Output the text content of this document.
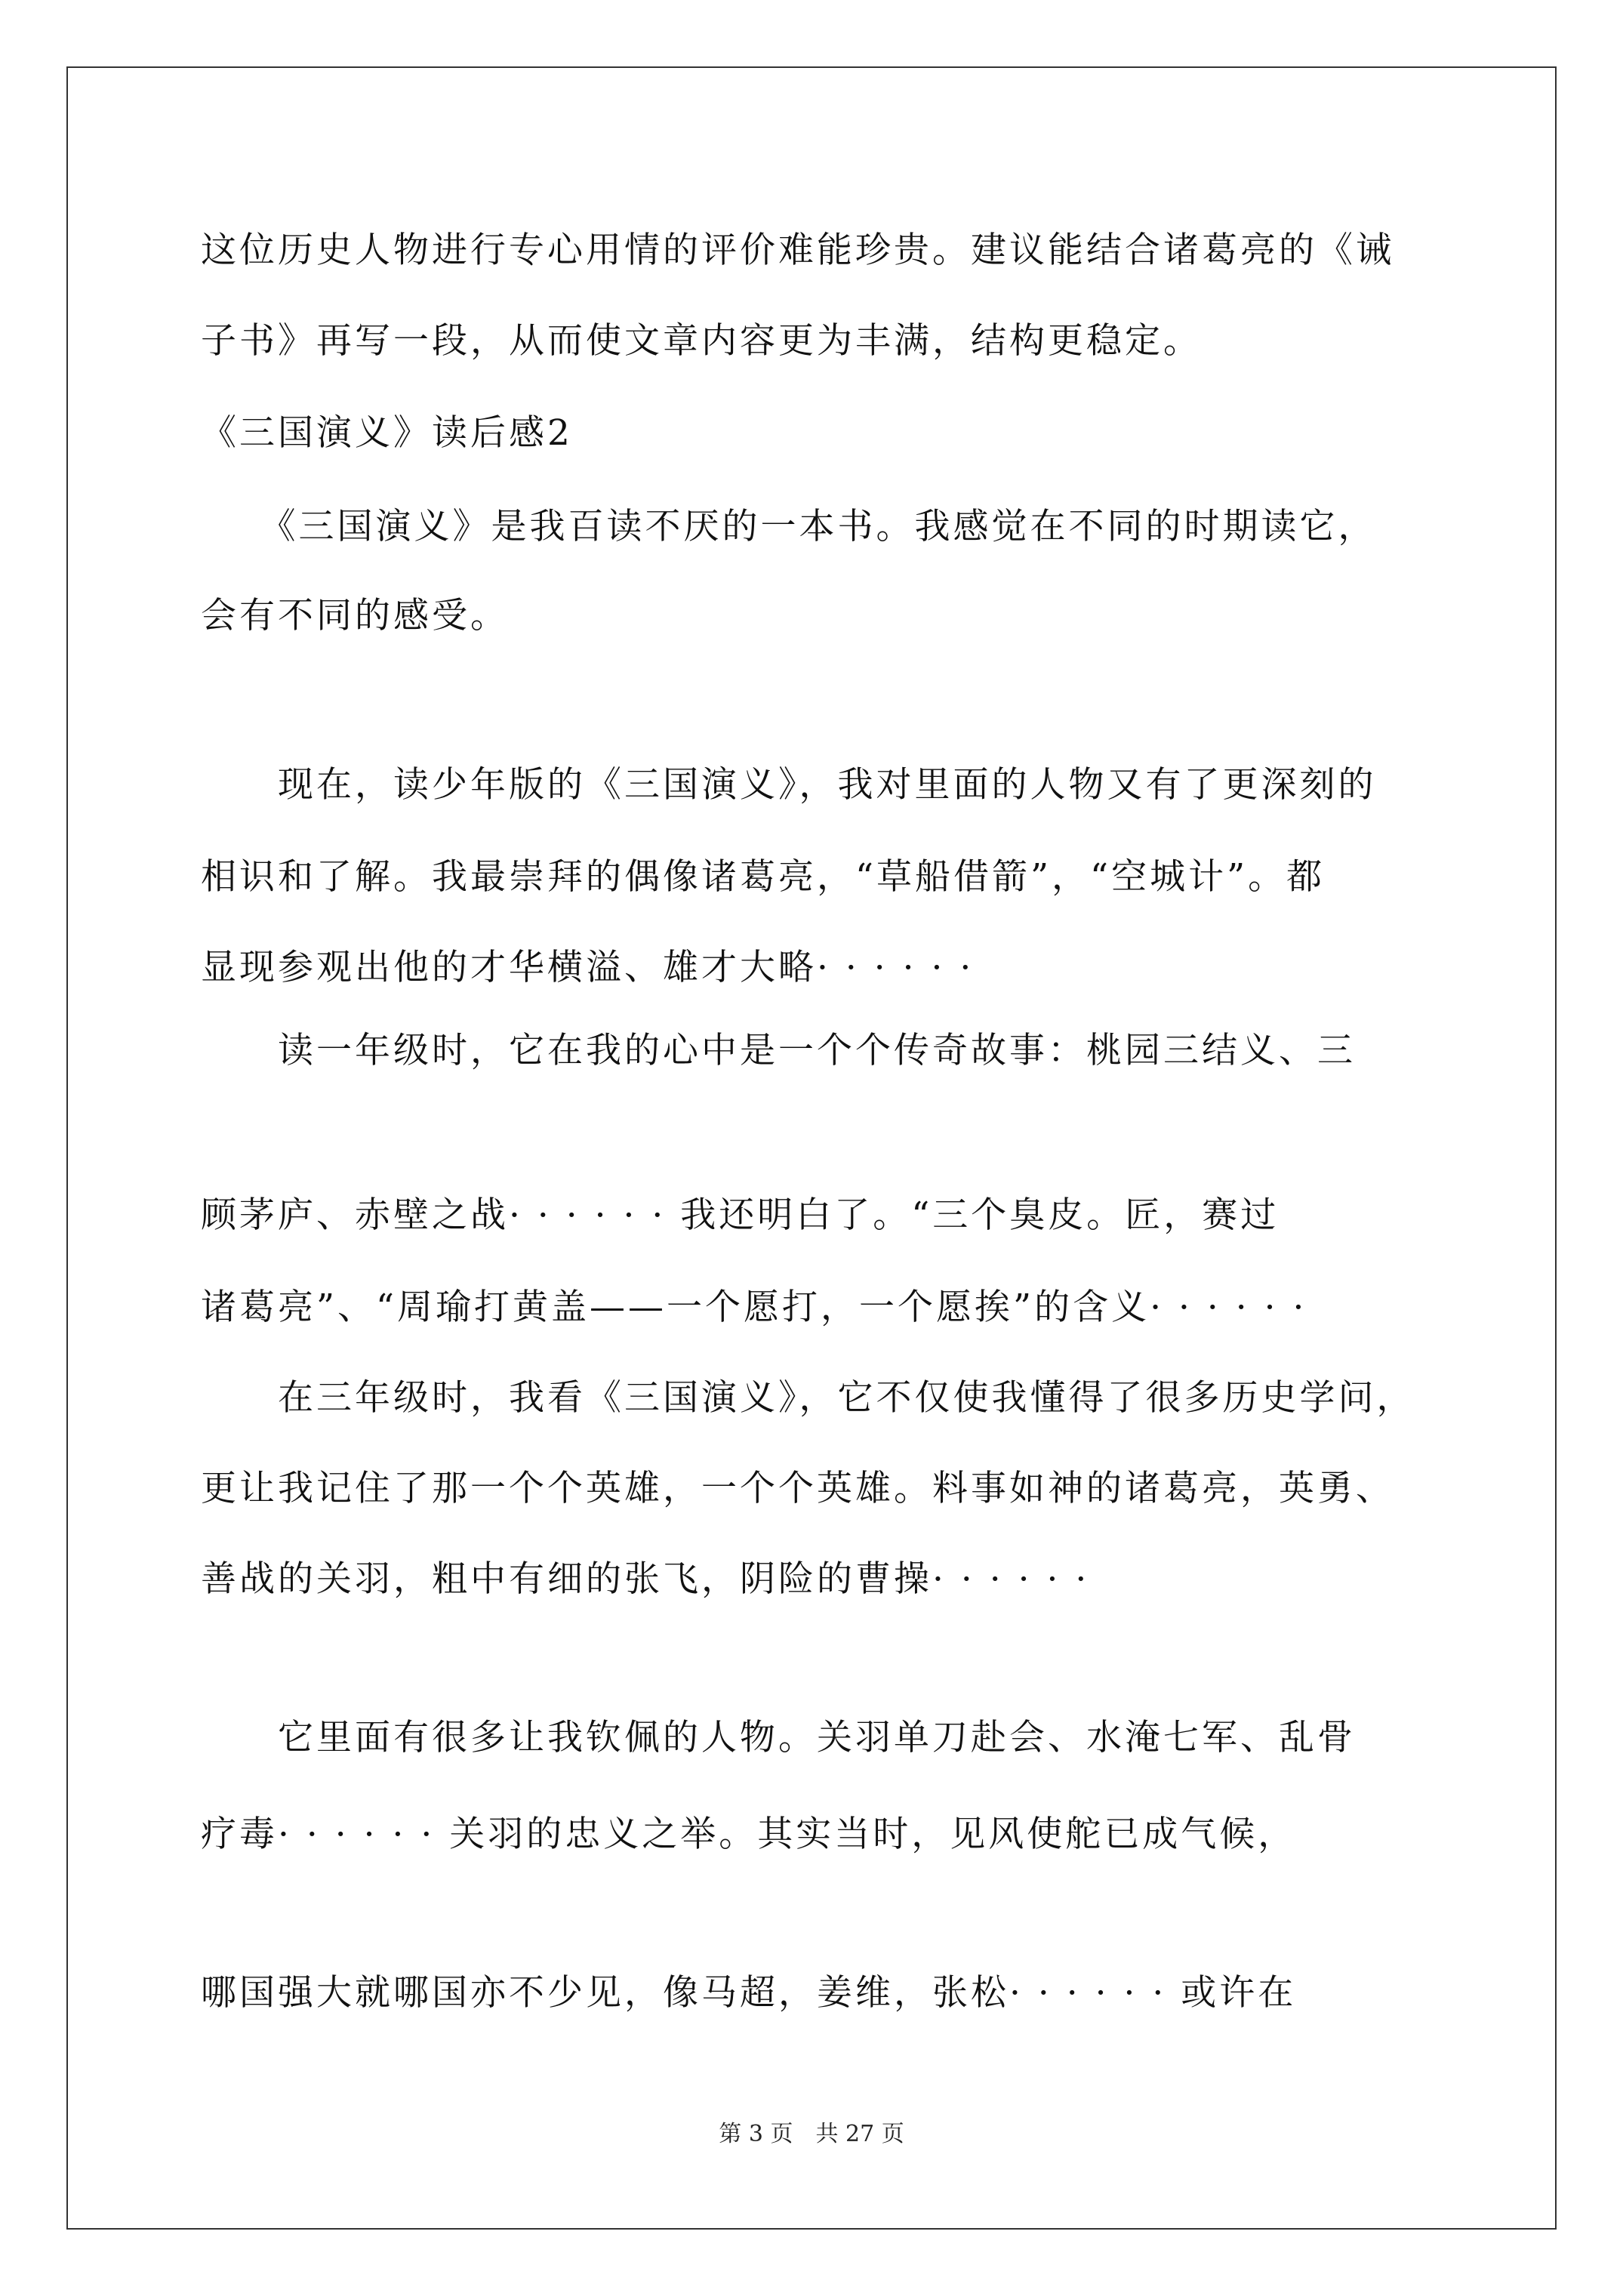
这位历史人物进行专心用情的评价难能珍贵。建议能结合诸葛亮的《诫
子书》再写一段，从而使文章内容更为丰满，结构更稳定。
《三国演义》读后感2
　　《三国演义》是我百读不厌的一本书。我感觉在不同的时期读它，
会有不同的感受。
　　现在，读少年版的《三国演义》，我对里面的人物又有了更深刻的
相识和了解。我最崇拜的偶像诸葛亮，“草船借箭”，“空城计”。都
显现参观出他的才华横溢、雄才大略· · · · · ·
　　读一年级时，它在我的心中是一个个传奇故事：桃园三结义、三
顾茅庐、赤壁之战· · · · · · 我还明白了。“三个臭皮。匠，赛过
诸葛亮”、“周瑜打黄盖——一个愿打，一个愿挨”的含义· · · · · ·
　　在三年级时，我看《三国演义》，它不仅使我懂得了很多历史学问，
更让我记住了那一个个英雄，一个个英雄。料事如神的诸葛亮，英勇、
善战的关羽，粗中有细的张飞，阴险的曹操· · · · · ·
　　它里面有很多让我钦佩的人物。关羽单刀赴会、水淹七军、乱骨
疗毒· · · · · · 关羽的忠义之举。其实当时，见风使舵已成气候，
哪国强大就哪国亦不少见，像马超，姜维，张松· · · · · · 或许在
第 3 页　共 27 页
